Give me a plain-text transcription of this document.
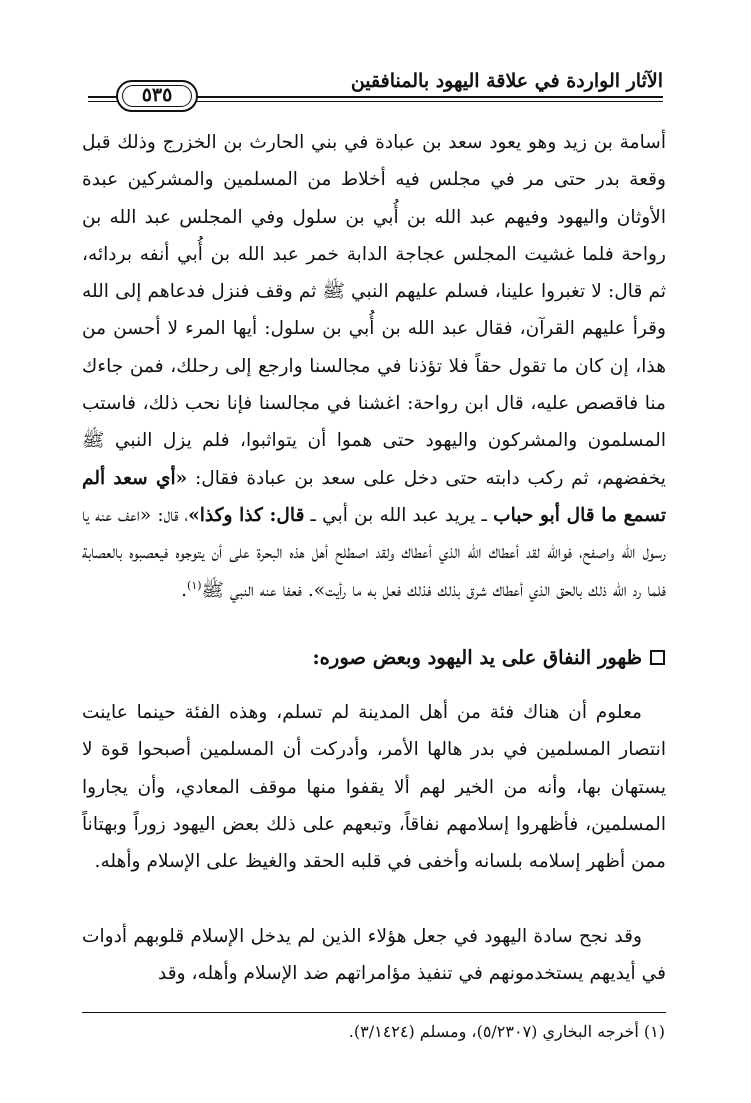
الآثار الواردة في علاقة اليهود بالمنافقين
٥٣٥

أسامة بن زيد وهو يعود سعد بن عبادة في بني الحارث بن الخزرج وذلك قبل وقعة بدر حتى مر في مجلس فيه أخلاط من المسلمين والمشركين عبدة الأوثان واليهود وفيهم عبد الله بن أُبي بن سلول وفي المجلس عبد الله بن رواحة فلما غشيت المجلس عجاجة الدابة خمر عبد الله بن أُبي أنفه بردائه، ثم قال: لا تغبروا علينا، فسلم عليهم النبي ﷺ ثم وقف فنزل فدعاهم إلى الله وقرأ عليهم القرآن، فقال عبد الله بن أُبي بن سلول: أيها المرء لا أحسن من هذا، إن كان ما تقول حقاً فلا تؤذنا في مجالسنا وارجع إلى رحلك، فمن جاءك منا فاقصص عليه، قال ابن رواحة: اغشنا في مجالسنا فإنا نحب ذلك، فاستب المسلمون والمشركون واليهود حتى هموا أن يتواثبوا، فلم يزل النبي ﷺ يخفضهم، ثم ركب دابته حتى دخل على سعد بن عبادة فقال: «أي سعد ألم تسمع ما قال أبو حباب ـ يريد عبد الله بن أبي ـ قال: كذا وكذا»، قال: «اعف عنه يا رسول الله واصفح، فوالله لقد أعطاك الله الذي أعطاك ولقد اصطلح أهل هذه البحرة على أن يتوجوه فيعصبوه بالعصابة فلما رد الله ذلك بالحق الذي أعطاك شرق بذلك فذلك فعل به ما رأيت». فعفا عنه النبي ﷺ$^{(١)}$.

ظهور النفاق على يد اليهود وبعض صوره:

معلوم أن هناك فئة من أهل المدينة لم تسلم، وهذه الفئة حينما عاينت انتصار المسلمين في بدر هالها الأمر، وأدركت أن المسلمين أصبحوا قوة لا يستهان بها، وأنه من الخير لهم ألا يقفوا منها موقف المعادي، وأن يجاروا المسلمين، فأظهروا إسلامهم نفاقاً، وتبعهم على ذلك بعض اليهود زوراً وبهتاناً ممن أظهر إسلامه بلسانه وأخفى في قلبه الحقد والغيظ على الإسلام وأهله.

وقد نجح سادة اليهود في جعل هؤلاء الذين لم يدخل الإسلام قلوبهم أدوات في أيديهم يستخدمونهم في تنفيذ مؤامراتهم ضد الإسلام وأهله، وقد

(١) أخرجه البخاري (٥/٢٣٠٧)، ومسلم (٣/١٤٢٤).
